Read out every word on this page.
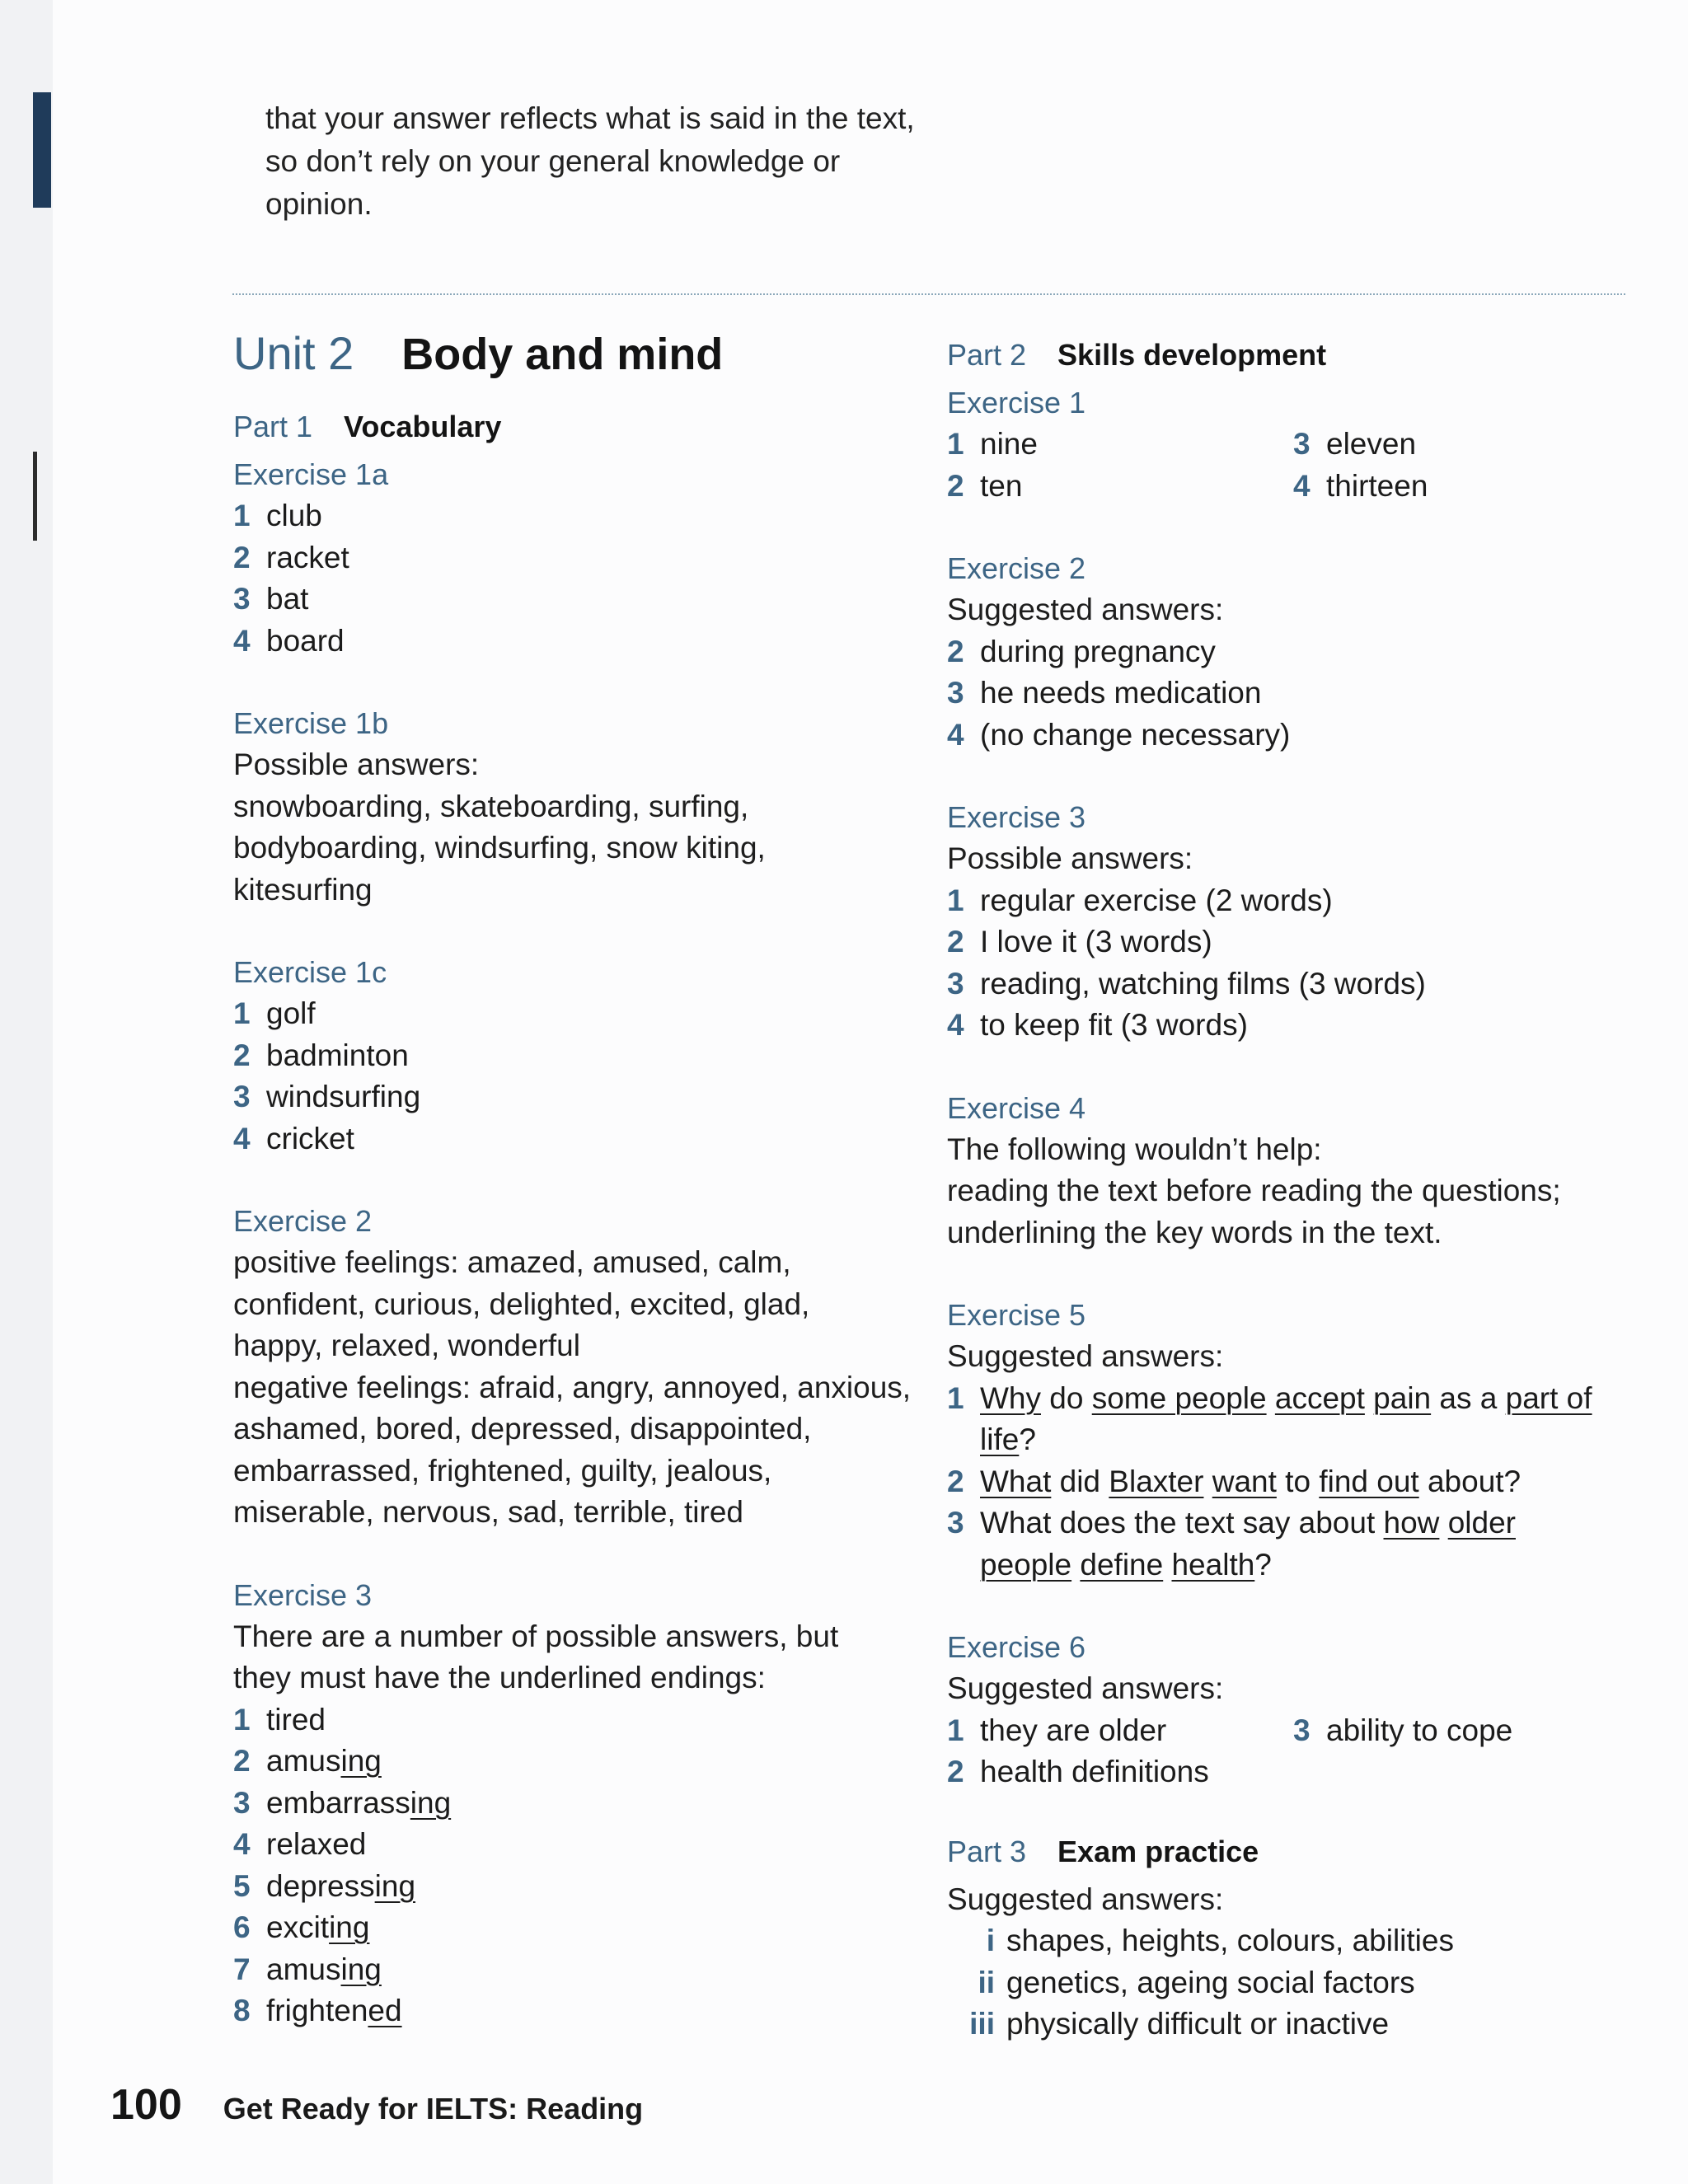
that your answer reflects what is said in the text, so don’t rely on your general knowledge or opinion.
Unit 2 Body and mind
Part 1 Vocabulary
Exercise 1a
1 club
2 racket
3 bat
4 board
Exercise 1b
Possible answers:
snowboarding, skateboarding, surfing, bodyboarding, windsurfing, snow kiting, kitesurfing
Exercise 1c
1 golf
2 badminton
3 windsurfing
4 cricket
Exercise 2
positive feelings: amazed, amused, calm, confident, curious, delighted, excited, glad, happy, relaxed, wonderful
negative feelings: afraid, angry, annoyed, anxious, ashamed, bored, depressed, disappointed, embarrassed, frightened, guilty, jealous, miserable, nervous, sad, terrible, tired
Exercise 3
There are a number of possible answers, but they must have the underlined endings:
1 tired
2 amus ing
3 embarrass ing
4 relaxed
5 depress ing
6 excit ing
7 amus ing
8 frighten ed
Part 2 Skills development
Exercise 1
1 nine	3 eleven
2 ten	4 thirteen
Exercise 2
Suggested answers:
2 during pregnancy
3 he needs medication
4 (no change necessary)
Exercise 3
Possible answers:
1 regular exercise (2 words)
2 I love it (3 words)
3 reading, watching films (3 words)
4 to keep fit (3 words)
Exercise 4
The following wouldn’t help:
reading the text before reading the questions; underlining the key words in the text.
Exercise 5
Suggested answers:
1 Why do some people accept pain as a part of life?
2 What did Blaxter want to find out about?
3 What does the text say about how older people define health?
Exercise 6
Suggested answers:
1 they are older	3 ability to cope
2 health definitions
Part 3 Exam practice
Suggested answers:
i shapes, heights, colours, abilities
ii genetics, ageing social factors
iii physically difficult or inactive
100 Get Ready for IELTS: Reading
